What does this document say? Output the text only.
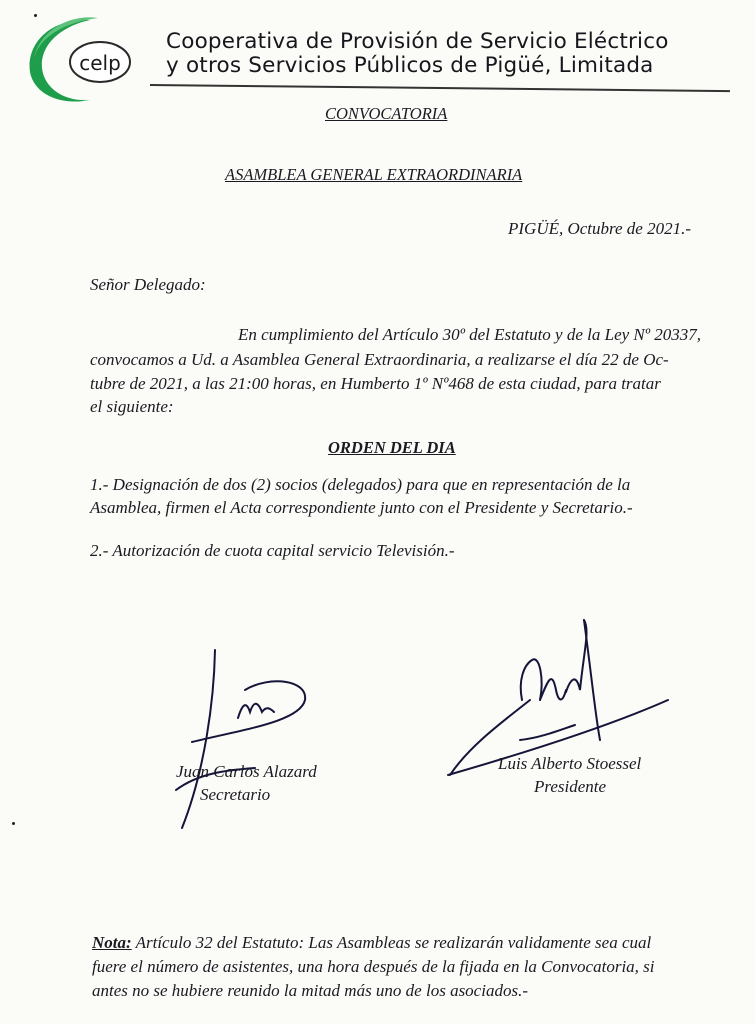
celp
Cooperativa de Provisión de Servicio Eléctrico
y otros Servicios Públicos de Pigüé, Limitada
CONVOCATORIA
ASAMBLEA GENERAL EXTRAORDINARIA
PIGÜÉ, Octubre de 2021.-
Señor Delegado:
En cumplimiento del Artículo 30º del Estatuto y de la Ley Nº 20337,
convocamos a Ud. a Asamblea General Extraordinaria, a realizarse el día 22 de Oc-
tubre de 2021, a las 21:00 horas, en Humberto 1º Nº468 de esta ciudad, para tratar
el siguiente:
ORDEN DEL DIA
1.- Designación de dos (2) socios (delegados) para que en representación de la
Asamblea, firmen el Acta correspondiente junto con el Presidente y Secretario.-
2.- Autorización de cuota capital servicio Televisión.-
Juan Carlos Alazard
Secretario
Luis Alberto Stoessel
Presidente
Nota: Artículo 32 del Estatuto: Las Asambleas se realizarán validamente sea cual
fuere el número de asistentes, una hora después de la fijada en la Convocatoria, si
antes no se hubiere reunido la mitad más uno de los asociados.-
